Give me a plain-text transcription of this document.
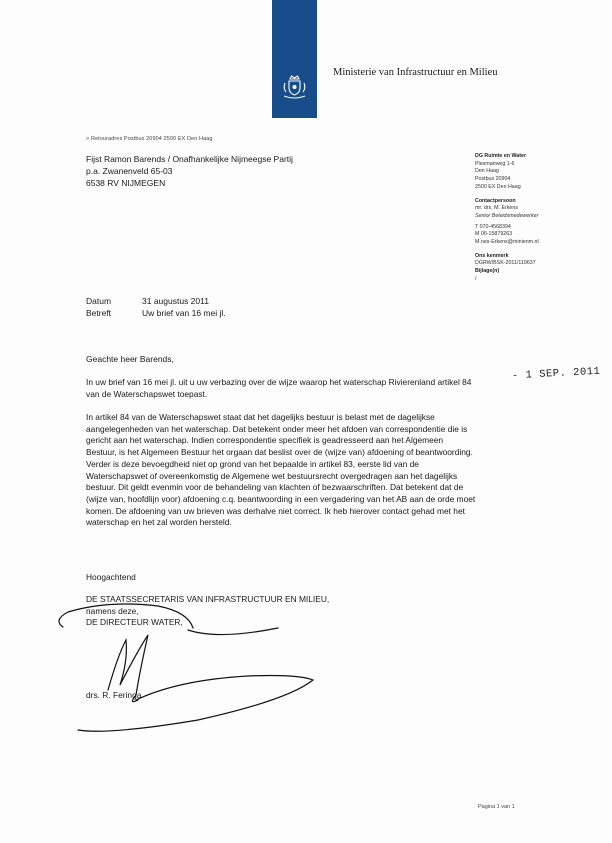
Ministerie van Infrastructuur en Milieu
> Retouradres Postbus 20904 2500 EX Den Haag
Fijst Ramon Barends / Onafhankelijke Nijmeegse Partij
p.a. Zwanenveld 65-03
6538 RV NIJMEGEN
DG Ruimte en Water
Plesmanweg 1-6
Den Haag
Postbus 20904
2500 EX Den Haag
Contactpersoon
mr. drs. M. Erkens
Senior Beleidsmedewerker
T 070-4568394
M 06-15879263
M.nes-Erkens@minienm.nl
Ons kenmerk
DGRW/BSK-2011/119637
Bijlage(n)
/
Datum	31 augustus 2011
Betreft	Uw brief van 16 mei jl.
Geachte heer Barends,
- 1 SEP. 2011
In uw brief van 16 mei jl. uit u uw verbazing over de wijze waarop het waterschap Rivierenland artikel 84 van de Waterschapswet toepast.
In artikel 84 van de Waterschapswet staat dat het dagelijks bestuur is belast met de dagelijkse aangelegenheden van het waterschap. Dat betekent onder meer het afdoen van correspondentie die is gericht aan het waterschap. Indien correspondentie specifiek is geadresseerd aan het Algemeen Bestuur, is het Algemeen Bestuur het orgaan dat beslist over de (wijze van) afdoening of beantwoording. Verder is deze bevoegdheid niet op grond van het bepaalde in artikel 83, eerste lid van de Waterschapswet of overeenkomstig de Algemene wet bestuursrecht overgedragen aan het dagelijks bestuur. Dit geldt evenmin voor de behandeling van klachten of bezwaarschriften. Dat betekent dat de (wijze van, hoofdlijn voor) afdoening c.q. beantwoording in een vergadering van het AB aan de orde moet komen. De afdoening van uw brieven was derhalve niet correct. Ik heb hierover contact gehad met het waterschap en het zal worden hersteld.
Hoogachtend
DE STAATSSECRETARIS VAN INFRASTRUCTUUR EN MILIEU,
namens deze,
DE DIRECTEUR WATER,
drs. R. Feringa
Pagina 1 van 1
